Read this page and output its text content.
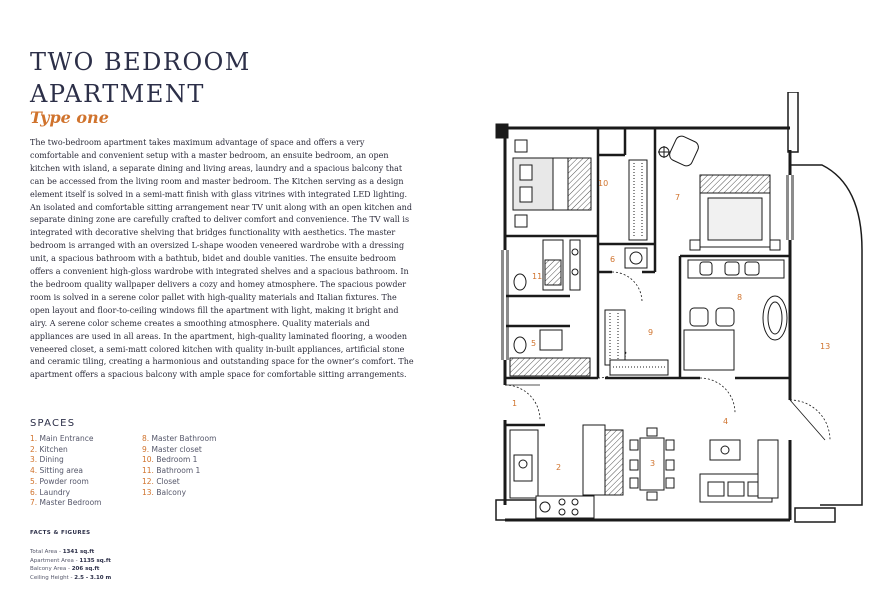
TWO BEDROOM
APARTMENT
Type one
The two-bedroom apartment takes maximum advantage of space and offers a very comfortable and convenient setup with a master bedroom, an ensuite bedroom, an open kitchen with island, a separate dining and living areas, laundry and a spacious balcony that can be accessed from the living room and master bedroom. The Kitchen serving as a design element itself is solved in a semi-matt finish with glass vitrines with integrated LED lighting. An isolated and comfortable sitting arrangement near TV unit along with an open kitchen and separate dining zone are carefully crafted to deliver comfort and convenience. The TV wall is integrated with decorative shelving that bridges functionality with aesthetics. The master bedroom is arranged with an oversized L-shape wooden veneered wardrobe with a dressing unit, a spacious bathroom with a bathtub, bidet and double vanities. The ensuite bedroom offers a convenient high-gloss wardrobe with integrated shelves and a spacious bathroom. In the bedroom quality wallpaper delivers a cozy and homey atmosphere. The spacious powder room is solved in a serene color pallet with high-quality materials and Italian fixtures. The open layout and floor-to-ceiling windows fill the apartment with light, making it bright and airy. A serene color scheme creates a smoothing atmosphere. Quality materials and appliances are used in all areas. In the apartment, high-quality laminated flooring, a wooden veneered closet, a semi-matt colored kitchen with quality in-built appliances, artificial stone and ceramic tiling, creating a harmonious and outstanding space for the owner’s comfort. The apartment offers a spacious balcony with ample space for comfortable sitting arrangements.
SPACES
1. Main Entrance
2. Kitchen
3. Dining
4. Sitting area
5. Powder room
6. Laundry
7. Master Bedroom
8. Master Bathroom
9. Master closet
10. Bedroom 1
11. Bathroom 1
12. Closet
13. Balcony
FACTS & FIGURES
Total Area - 1341 sq.ft
Apartment Area - 1135 sq.ft
Balcony Area - 206 sq.ft
Ceiling Height - 2.5 - 3.10 m
1
2	3
4
5
6
7
8
9
10
11
13
